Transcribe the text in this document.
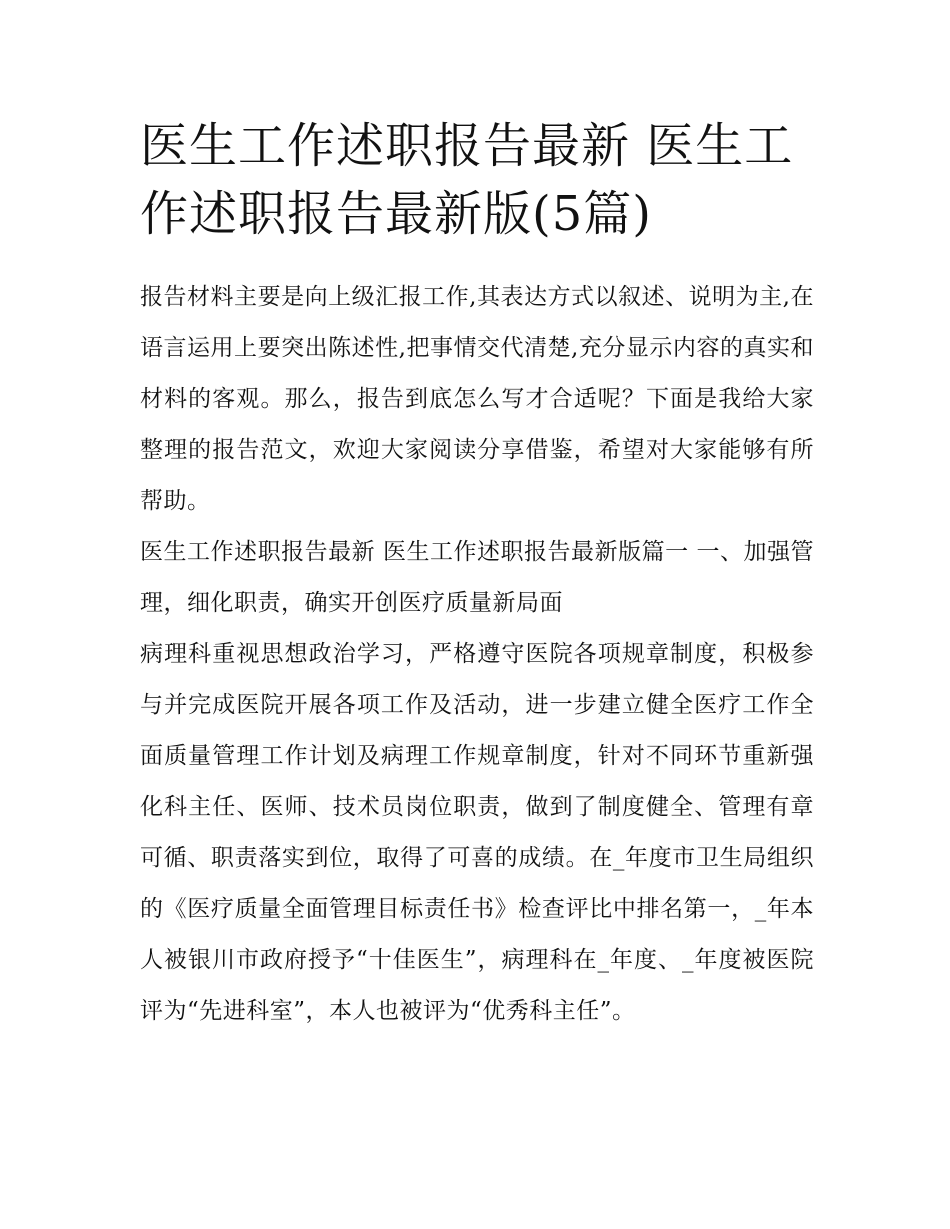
医生工作述职报告最新 医生工作述职报告最新版(5篇)

报告材料主要是向上级汇报工作,其表达方式以叙述、说明为主,在语言运用上要突出陈述性,把事情交代清楚,充分显示内容的真实和材料的客观。那么，报告到底怎么写才合适呢？下面是我给大家整理的报告范文，欢迎大家阅读分享借鉴，希望对大家能够有所帮助。

医生工作述职报告最新 医生工作述职报告最新版篇一 一、加强管理，细化职责，确实开创医疗质量新局面

病理科重视思想政治学习，严格遵守医院各项规章制度，积极参与并完成医院开展各项工作及活动，进一步建立健全医疗工作全面质量管理工作计划及病理工作规章制度，针对不同环节重新强化科主任、医师、技术员岗位职责，做到了制度健全、管理有章可循、职责落实到位，取得了可喜的成绩。在_年度市卫生局组织的《医疗质量全面管理目标责任书》检查评比中排名第一，_年本人被银川市政府授予“十佳医生”，病理科在_年度、_年度被医院评为“先进科室”，本人也被评为“优秀科主任”。
